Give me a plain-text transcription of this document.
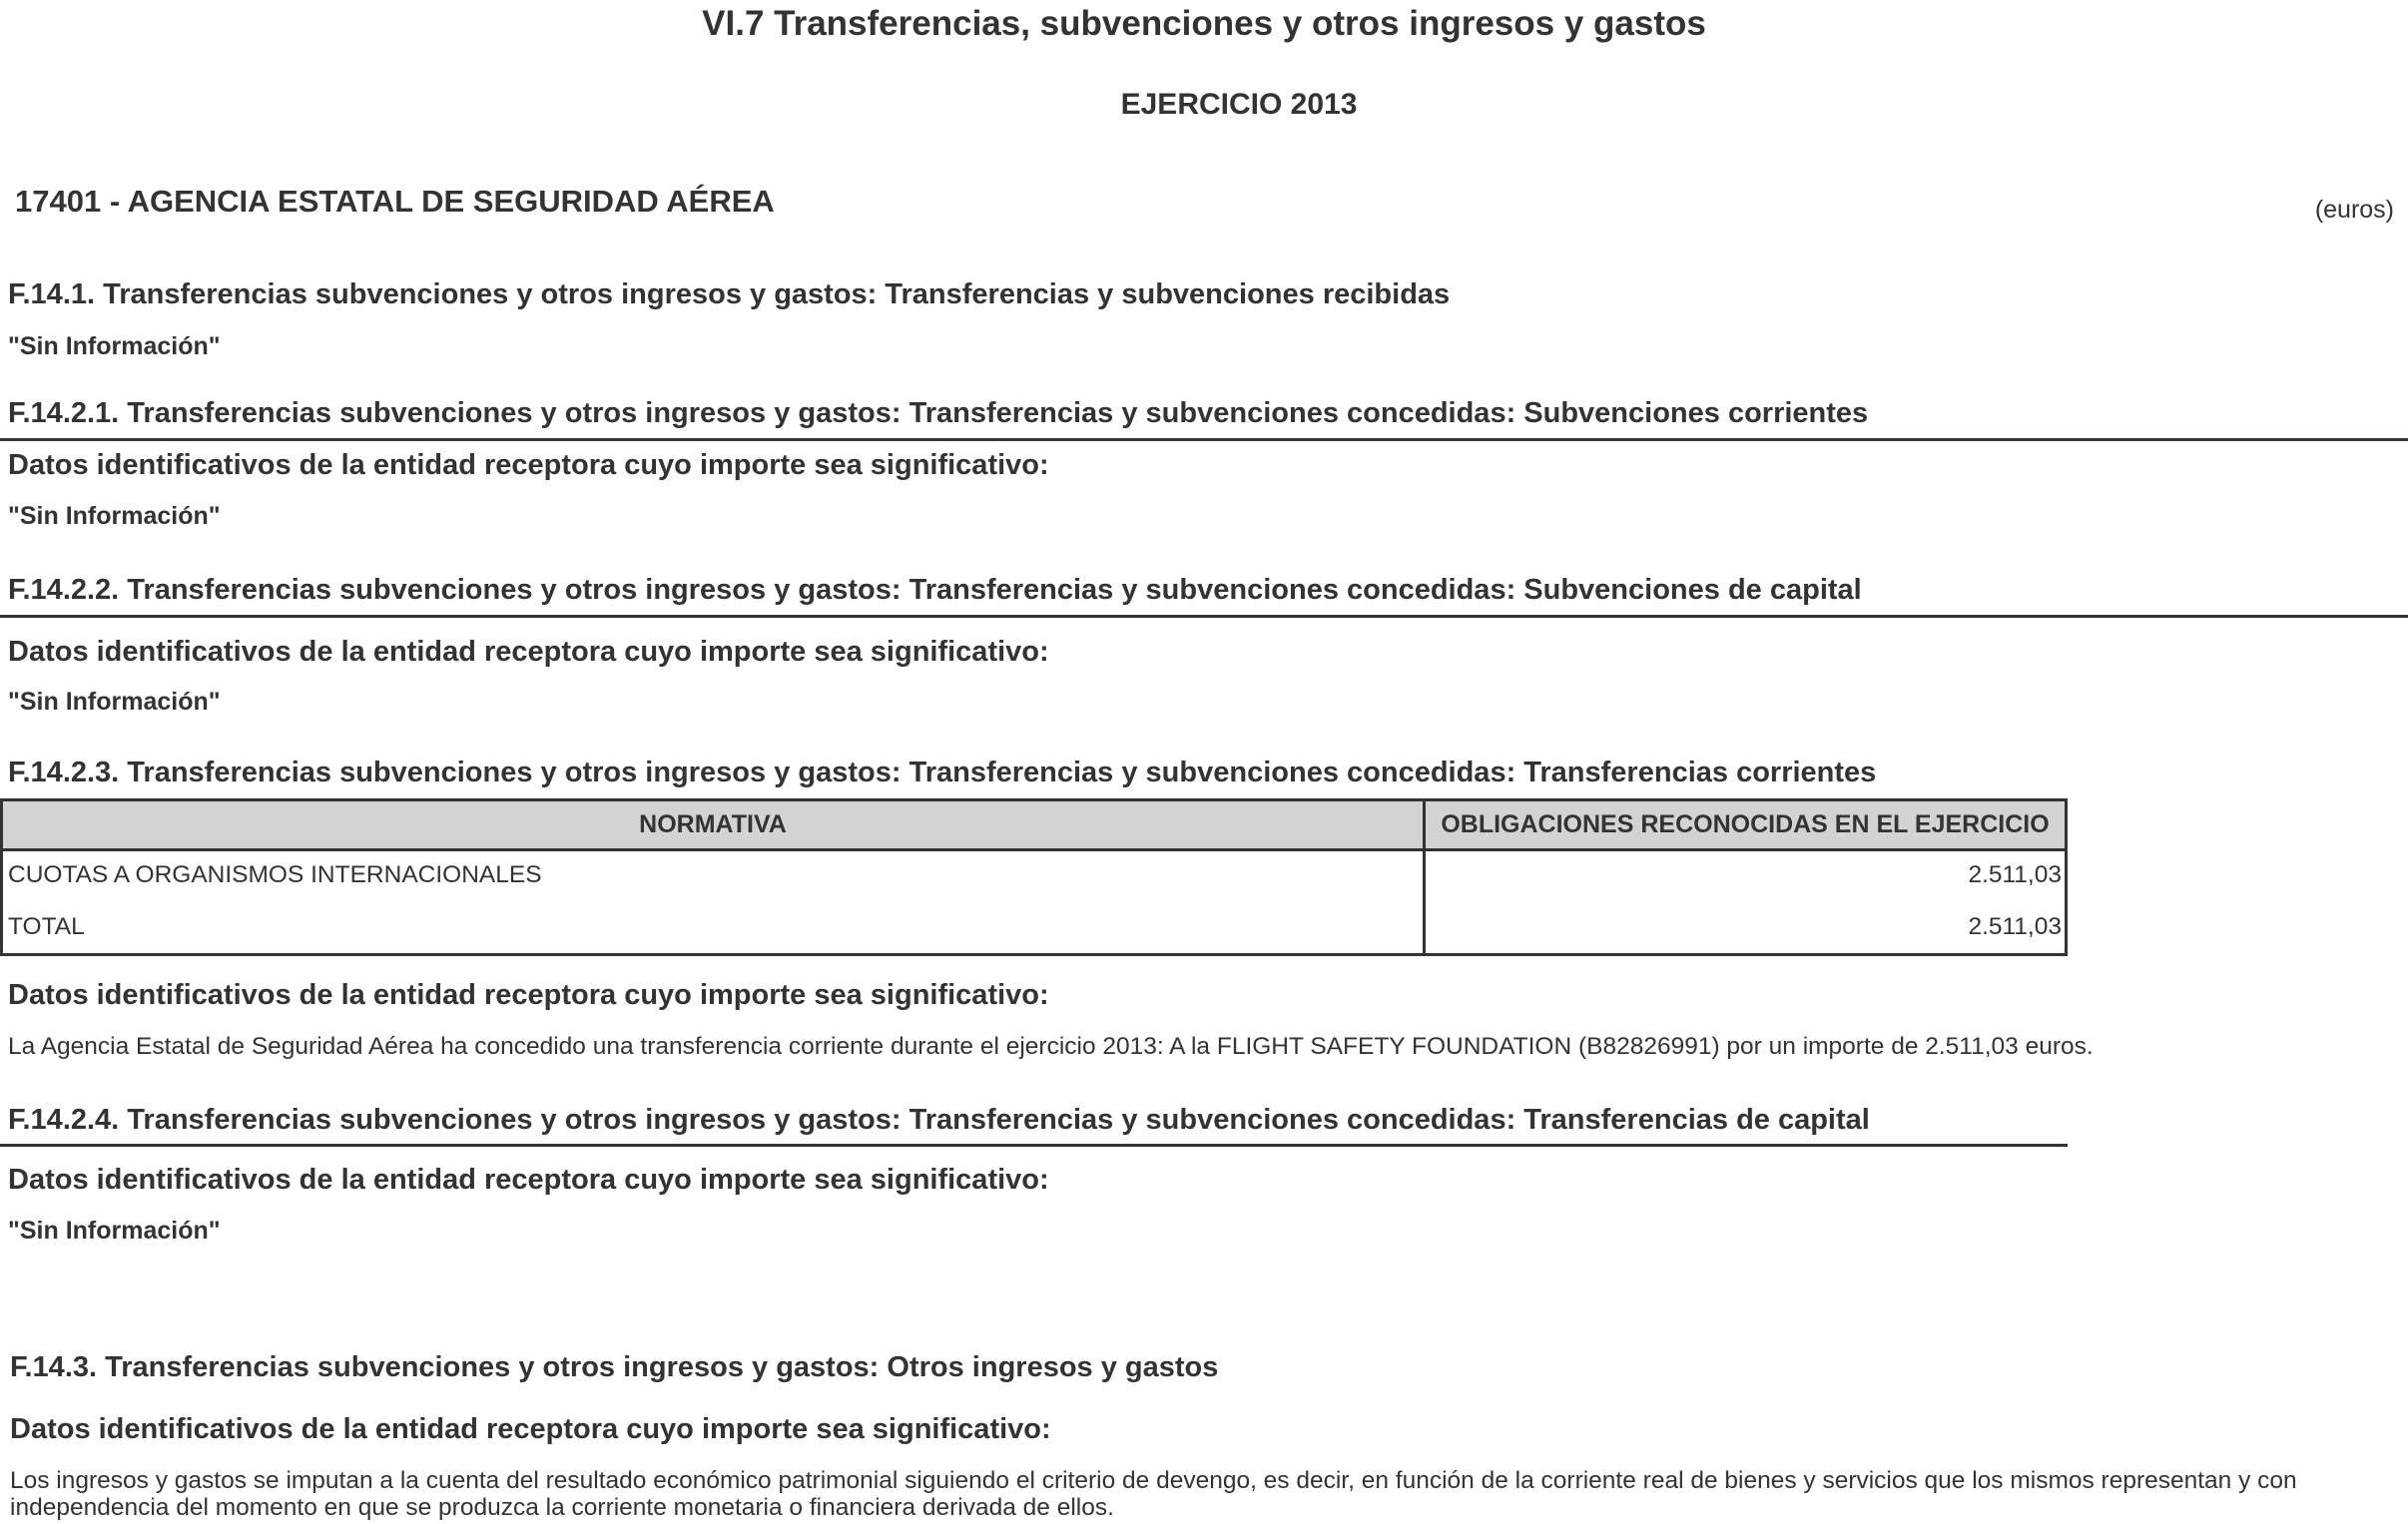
VI.7 Transferencias, subvenciones y otros ingresos y gastos
EJERCICIO 2013
17401 - AGENCIA ESTATAL DE SEGURIDAD AÉREA	(euros)
F.14.1. Transferencias subvenciones y otros ingresos y gastos: Transferencias y subvenciones recibidas
"Sin Información"
F.14.2.1. Transferencias subvenciones y otros ingresos y gastos: Transferencias y subvenciones concedidas: Subvenciones corrientes
Datos identificativos de la entidad receptora cuyo importe sea significativo:
"Sin Información"
F.14.2.2. Transferencias subvenciones y otros ingresos y gastos: Transferencias y subvenciones concedidas: Subvenciones de capital
Datos identificativos de la entidad receptora cuyo importe sea significativo:
"Sin Información"
F.14.2.3. Transferencias subvenciones y otros ingresos y gastos: Transferencias y subvenciones concedidas: Transferencias corrientes
NORMATIVA	OBLIGACIONES RECONOCIDAS EN EL EJERCICIO
CUOTAS A ORGANISMOS INTERNACIONALES	2.511,03
TOTAL	2.511,03
Datos identificativos de la entidad receptora cuyo importe sea significativo:
La Agencia Estatal de Seguridad Aérea ha concedido una transferencia corriente durante el ejercicio 2013: A la FLIGHT SAFETY FOUNDATION (B82826991) por un importe de 2.511,03 euros.
F.14.2.4. Transferencias subvenciones y otros ingresos y gastos: Transferencias y subvenciones concedidas: Transferencias de capital
Datos identificativos de la entidad receptora cuyo importe sea significativo:
"Sin Información"
F.14.3. Transferencias subvenciones y otros ingresos y gastos: Otros ingresos y gastos
Datos identificativos de la entidad receptora cuyo importe sea significativo:
Los ingresos y gastos se imputan a la cuenta del resultado económico patrimonial siguiendo el criterio de devengo, es decir, en función de la corriente real de bienes y servicios que los mismos representan y con independencia del momento en que se produzca la corriente monetaria o financiera derivada de ellos.
